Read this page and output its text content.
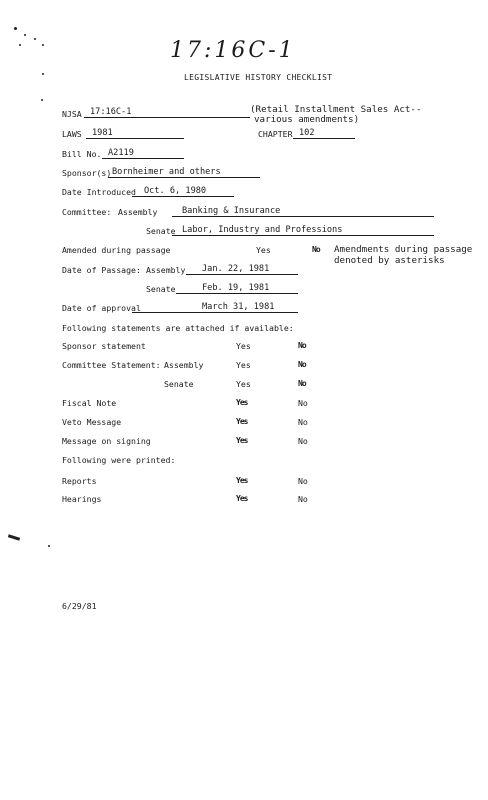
17:16C-1
LEGISLATIVE HISTORY CHECKLIST
NJSA 17:16C-1	(Retail Installment Sales Act--
various amendments)
LAWS	1981	CHAPTER 102
Bill No. A2119
Sponsor(s) Bornheimer and others
Date Introduced Oct. 6, 1980
Committee: Assembly	Banking & Insurance
Senate Labor, Industry and Professions
Amended during passage	Yes	No Amendments during passage
denoted by asterisks
Date of Passage: Assembly	Jan. 22, 1981
Senate	Feb. 19, 1981
Date of approval	March 31, 1981
Following statements are attached if available:
Sponsor statement	Yes	No
Committee Statement: Assembly	Yes	No
Senate	Yes	No
Fiscal Note	Yes	No
Veto Message	Yes	No
Message on signing	Yes	No
Following were printed:
Reports	Yes	No
Hearings	Yes	No
6/29/81
